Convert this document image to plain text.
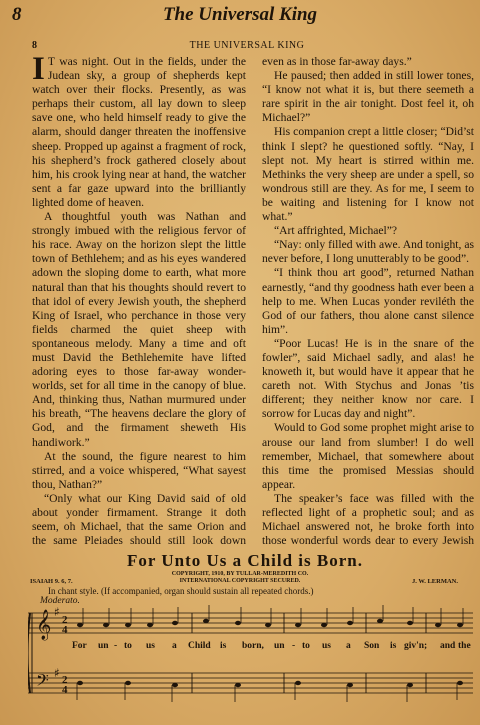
8	The Universal King
8	THE UNIVERSAL KING

I T was night. Out in the fields, under the Judean sky, a group of shepherds kept watch over their flocks. Presently, as was perhaps their custom, all lay down to sleep save one, who held himself ready to give the alarm, should danger threaten the inoffensive sheep. Propped up against a fragment of rock, his shepherd’s frock gathered closely about him, his crook lying near at hand, the watcher sent a far gaze upward into the brilliantly lighted dome of heaven.

A thoughtful youth was Nathan and strongly imbued with the religious fervor of his race. Away on the horizon slept the little town of Bethlehem; and as his eyes wandered adown the sloping dome to earth, what more natural than that his thoughts should revert to that idol of every Jewish youth, the shepherd King of Israel, who perchance in those very fields charmed the quiet sheep with spontaneous melody. Many a time and oft must David the Bethlehemite have lifted adoring eyes to those far-away wonder-worlds, set for all time in the canopy of blue. And, thinking thus, Nathan murmured under his breath, “The heavens declare the glory of God, and the firmament sheweth His handiwork.”

At the sound, the figure nearest to him stirred, and a voice whispered, “What sayest thou, Nathan?”

“Only what our King David said of old about yonder firmament. Strange it doth seem, oh Michael, that the same Orion and the same Pleiades should still look down

even as in those far-away days.”

He paused; then added in still lower tones, “I know not what it is, but there seemeth a rare spirit in the air tonight. Dost feel it, oh Michael?”

His companion crept a little closer; “Did’st think I slept? he questioned softly. “Nay, I slept not. My heart is stirred within me. Methinks the very sheep are under a spell, so wondrous still are they. As for me, I seem to be waiting and listening for I know not what.”

“Art affrighted, Michael”?

“Nay: only filled with awe. And tonight, as never before, I long unutterably to be good”.

“I think thou art good”, returned Nathan earnestly, “and thy goodness hath ever been a help to me. When Lucas yonder reviléth the God of our fathers, thou alone canst silence him”.

“Poor Lucas! He is in the snare of the fowler”, said Michael sadly, and alas! he knoweth it, but would have it appear that he careth not. With Stychus and Jonas ’tis different; they neither know nor care. I sorrow for Lucas day and night”.

Would to God some prophet might arise to arouse our land from slumber! I do well remember, Michael, that somewhere about this time the promised Messias should appear.

The speaker’s face was filled with the reflected light of a prophetic soul; and as Michael answered not, he broke forth into those wonderful words dear to every Jewish

For Unto Us a Child is Born.
COPYRIGHT, 1910, BY TULLAR-MEREDITH CO.
INTERNATIONAL COPYRIGHT SECURED.
ISAIAH 9. 6, 7.	J. W. LERMAN.
In chant style. (If accompanied, organ should sustain all repeated chords.)
Moderato.
𝄞
𝄢
♯
♯
2
4
2
4
For un - to us a Child is born, un - to us a Son is giv'n; and the
